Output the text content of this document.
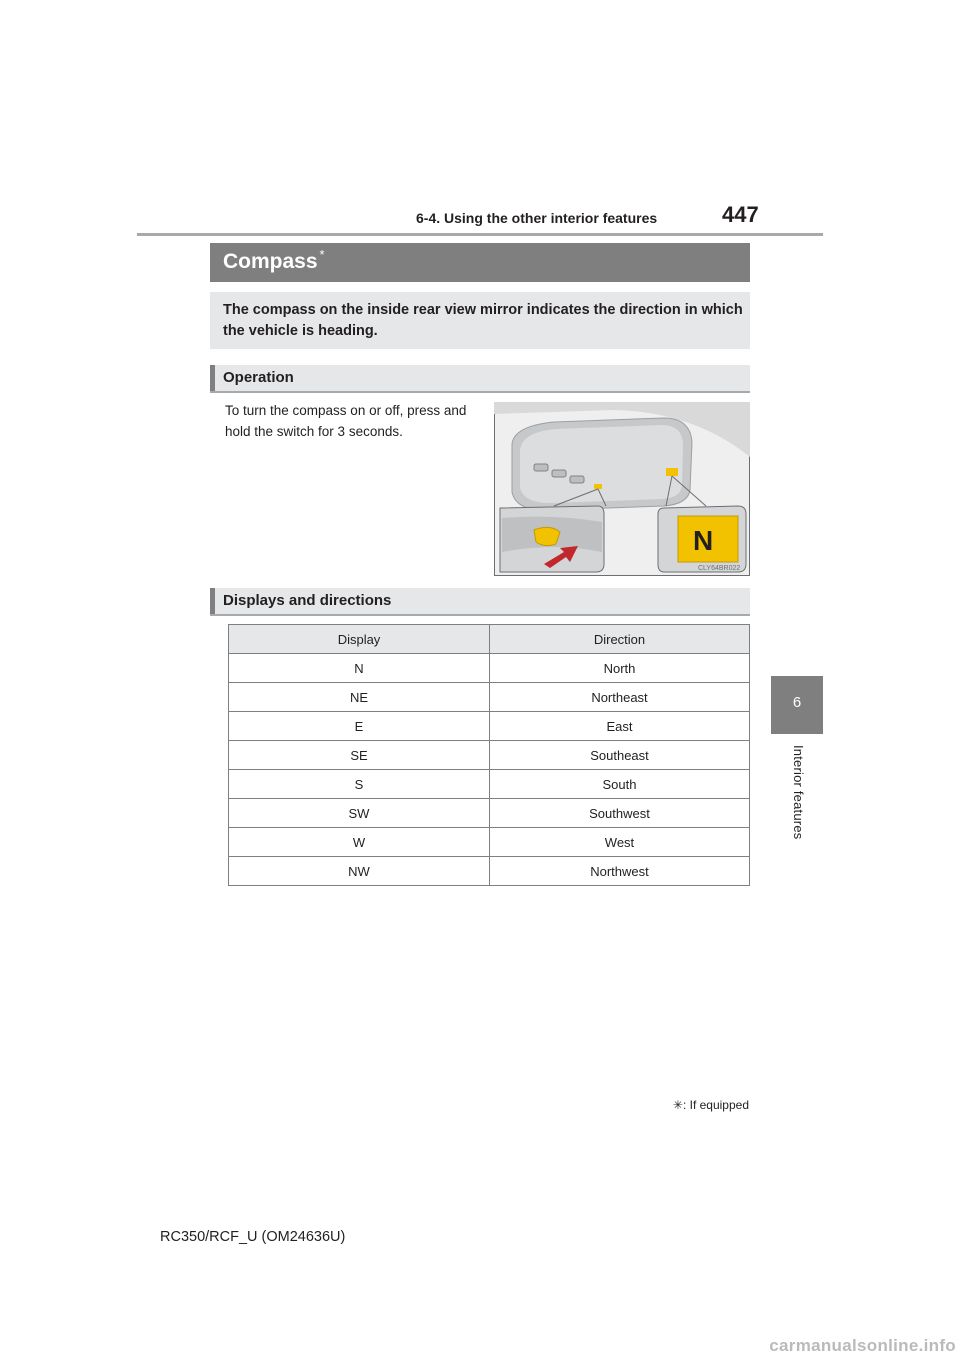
6-4. Using the other interior features	447
6
Interior features
Compass *
The compass on the inside rear view mirror indicates the direction in which the vehicle is heading.
Operation
To turn the compass on or off, press and hold the switch for 3 seconds.
N
CLY64BR022
Displays and directions
Display	Direction
N	North
NE	Northeast
E	East
SE	Southeast
S	South
SW	Southwest
W	West
NW	Northwest
✳: If equipped
RC350/RCF_U (OM24636U)
carmanualsonline.info
